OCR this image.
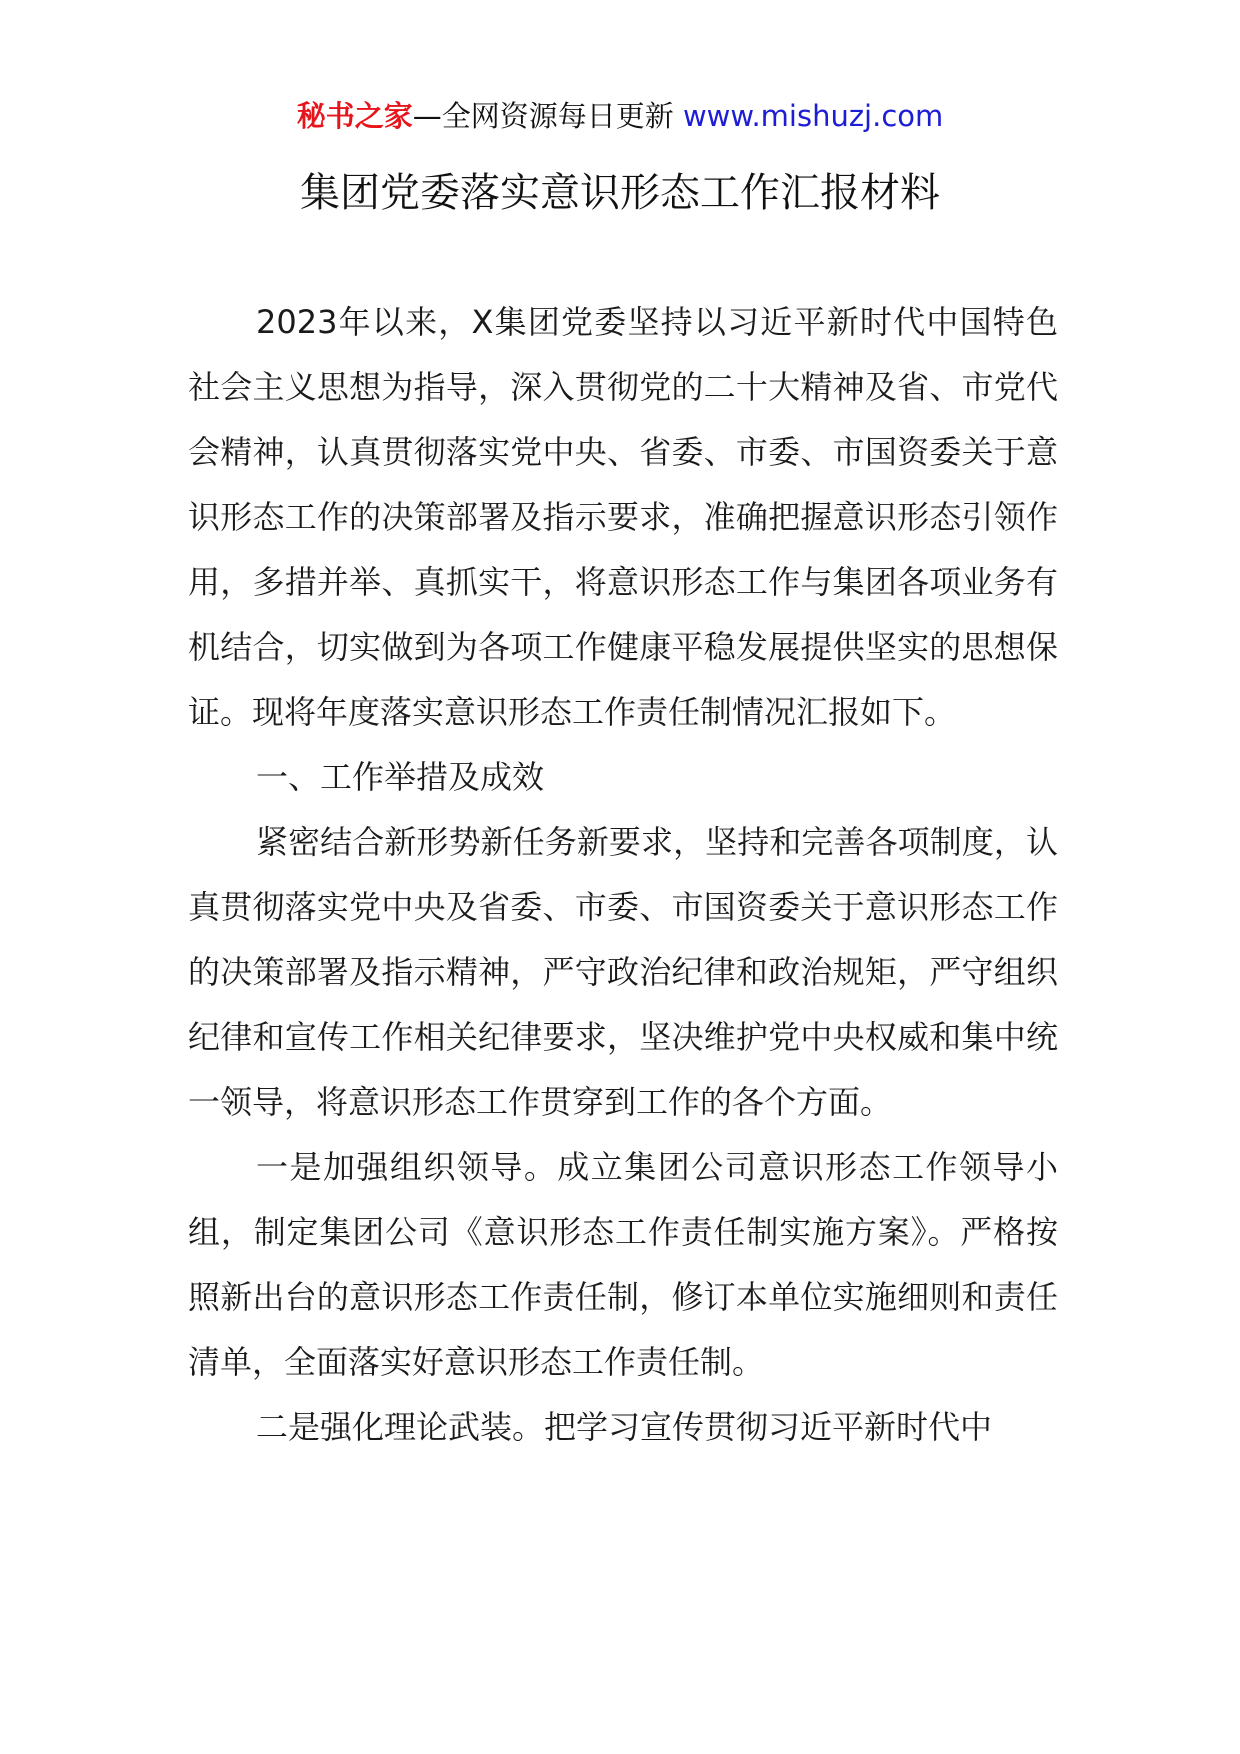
秘书之家—全网资源每日更新 www.mishuzj.com
集团党委落实意识形态工作汇报材料

2023年以来，X集团党委坚持以习近平新时代中国特色社会主义思想为指导，深入贯彻党的二十大精神及省、市党代会精神，认真贯彻落实党中央、省委、市委、市国资委关于意识形态工作的决策部署及指示要求，准确把握意识形态引领作用，多措并举、真抓实干，将意识形态工作与集团各项业务有机结合，切实做到为各项工作健康平稳发展提供坚实的思想保证。现将年度落实意识形态工作责任制情况汇报如下。

一、工作举措及成效

紧密结合新形势新任务新要求，坚持和完善各项制度，认真贯彻落实党中央及省委、市委、市国资委关于意识形态工作的决策部署及指示精神，严守政治纪律和政治规矩，严守组织纪律和宣传工作相关纪律要求，坚决维护党中央权威和集中统一领导，将意识形态工作贯穿到工作的各个方面。

一是加强组织领导。成立集团公司意识形态工作领导小组，制定集团公司《意识形态工作责任制实施方案》。严格按照新出台的意识形态工作责任制，修订本单位实施细则和责任清单，全面落实好意识形态工作责任制。

二是强化理论武装。把学习宣传贯彻习近平新时代中
